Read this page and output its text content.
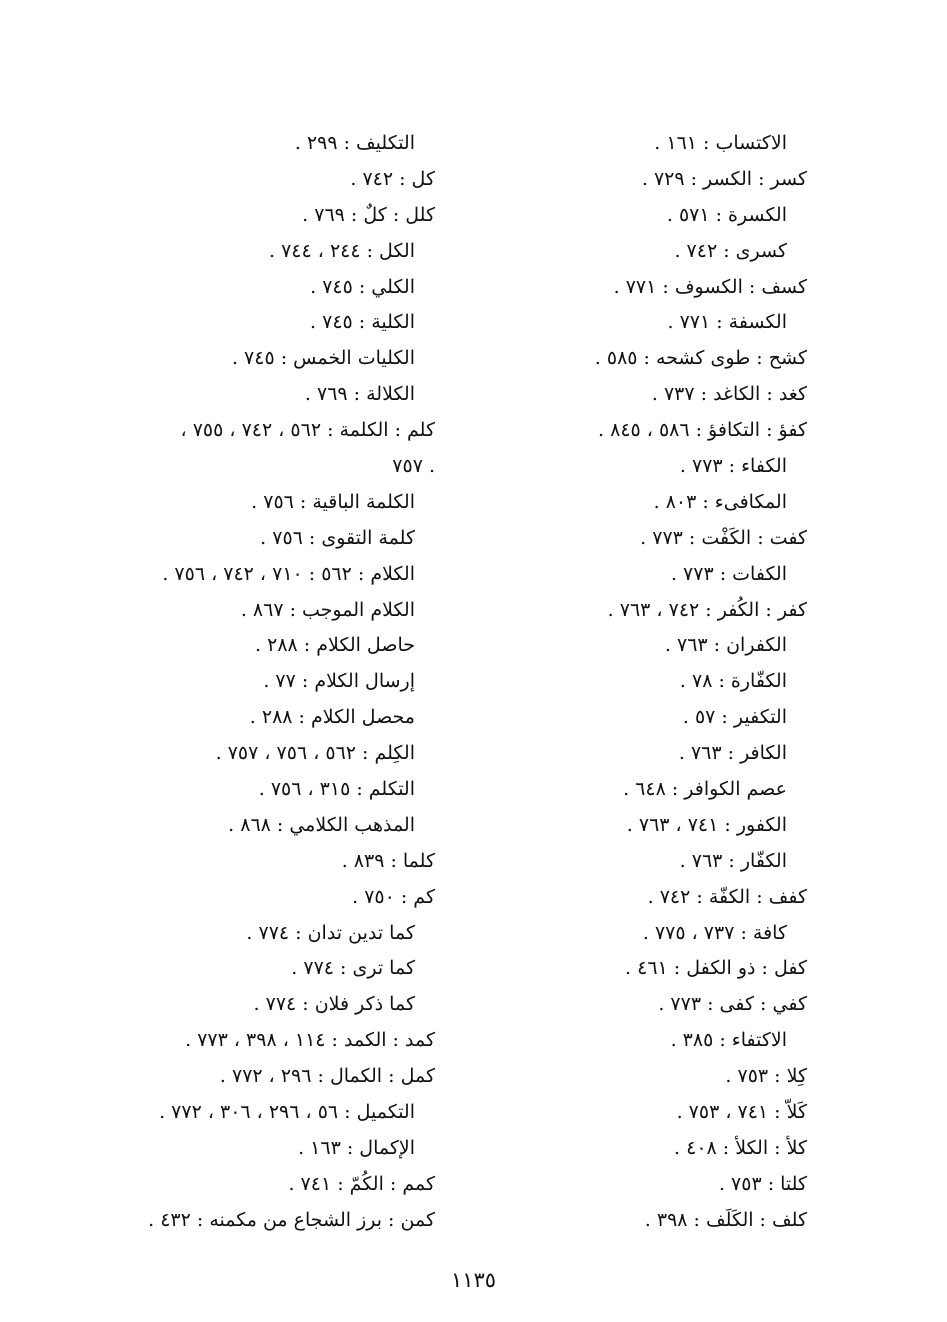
الاكتساب : ١٦١ .
كسر : الكسر : ٧٢٩ .
الكسرة : ٥٧١ .
كسرى : ٧٤٢ .
كسف : الكسوف : ٧٧١ .
الكسفة : ٧٧١ .
كشح : طوى كشحه : ٥٨٥ .
كغد : الكاغد : ٧٣٧ .
كفؤ : التكافؤ : ٥٨٦ ، ٨٤٥ .
الكفاء : ٧٧٣ .
المكافىء : ٨٠٣ .
كفت : الكَفْت : ٧٧٣ .
الكفات : ٧٧٣ .
كفر : الكُفر : ٧٤٢ ، ٧٦٣ .
الكفران : ٧٦٣ .
الكفّارة : ٧٨ .
التكفير : ٥٧ .
الكافر : ٧٦٣ .
عصم الكوافر : ٦٤٨ .
الكفور : ٧٤١ ، ٧٦٣ .
الكفّار : ٧٦٣ .
كفف : الكفّة : ٧٤٢ .
كافة : ٧٣٧ ، ٧٧٥ .
كفل : ذو الكفل : ٤٦١ .
كفي : كفى : ٧٧٣ .
الاكتفاء : ٣٨٥ .
كِلا : ٧٥٣ .
كَلاّ : ٧٤١ ، ٧٥٣ .
كلأ : الكلأ : ٤٠٨ .
كلتا : ٧٥٣ .
كلف : الكَلَف : ٣٩٨ .
التكليف : ٢٩٩ .
كل : ٧٤٢ .
كلل : كلٌ : ٧٦٩ .
الكل : ٢٤٤ ، ٧٤٤ .
الكلي : ٧٤٥ .
الكلية : ٧٤٥ .
الكليات الخمس : ٧٤٥ .
الكلالة : ٧٦٩ .
كلم : الكلمة : ٥٦٢ ، ٧٤٢ ، ٧٥٥ ،
٧٥٧ .
الكلمة الباقية : ٧٥٦ .
كلمة التقوى : ٧٥٦ .
الكلام : ٥٦٢ : ٧١٠ ، ٧٤٢ ، ٧٥٦ .
الكلام الموجب : ٨٦٧ .
حاصل الكلام : ٢٨٨ .
إرسال الكلام : ٧٧ .
محصل الكلام : ٢٨٨ .
الكِلم : ٥٦٢ ، ٧٥٦ ، ٧٥٧ .
التكلم : ٣١٥ ، ٧٥٦ .
المذهب الكلامي : ٨٦٨ .
كلما : ٨٣٩ .
كم : ٧٥٠ .
كما تدين تدان : ٧٧٤ .
كما ترى : ٧٧٤ .
كما ذكر فلان : ٧٧٤ .
كمد : الكمد : ١١٤ ، ٣٩٨ ، ٧٧٣ .
كمل : الكمال : ٢٩٦ ، ٧٧٢ .
التكميل : ٥٦ ، ٢٩٦ ، ٣٠٦ ، ٧٧٢ .
الإكمال : ١٦٣ .
كمم : الكُمّ : ٧٤١ .
كمن : برز الشجاع من مكمنه : ٤٣٢ .
١١٣٥
